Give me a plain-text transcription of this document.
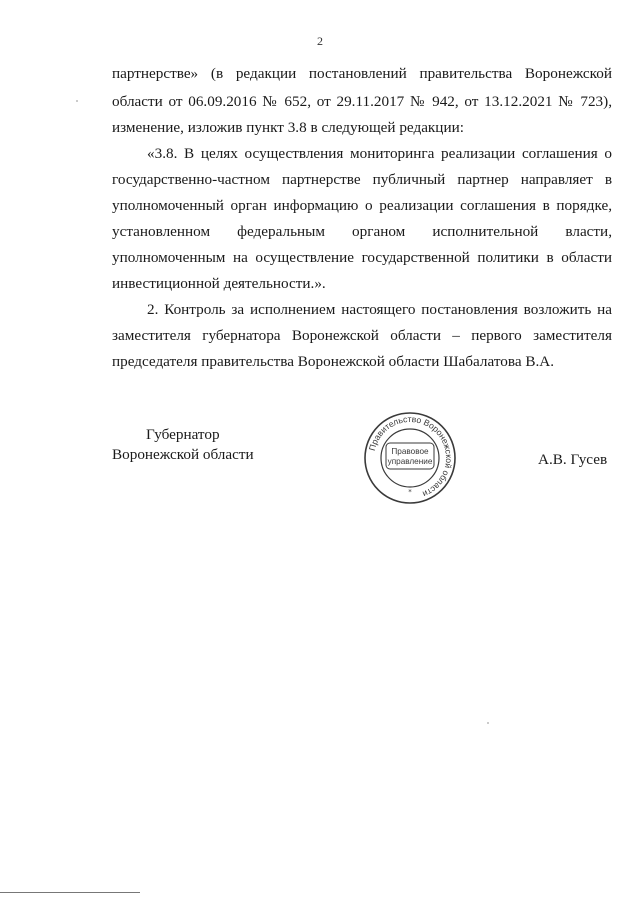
2
партнерстве» (в редакции постановлений правительства Воронежской
области от 06.09.2016 № 652, от 29.11.2017 № 942, от 13.12.2021 № 723),
изменение, изложив пункт 3.8 в следующей редакции:
«3.8. В целях осуществления мониторинга реализации соглашения о
государственно-частном партнерстве публичный партнер направляет в
уполномоченный орган информацию о реализации соглашения в порядке,
установленном федеральным органом исполнительной власти,
уполномоченным на осуществление государственной политики в области
инвестиционной деятельности.».
2. Контроль за исполнением настоящего постановления возложить на
заместителя губернатора Воронежской области – первого заместителя
председателя правительства Воронежской области Шабалатова В.А.
Губернатор
Воронежской области	А.В. Гусев
Правительство Воронежской области
Правовое
управление
*
